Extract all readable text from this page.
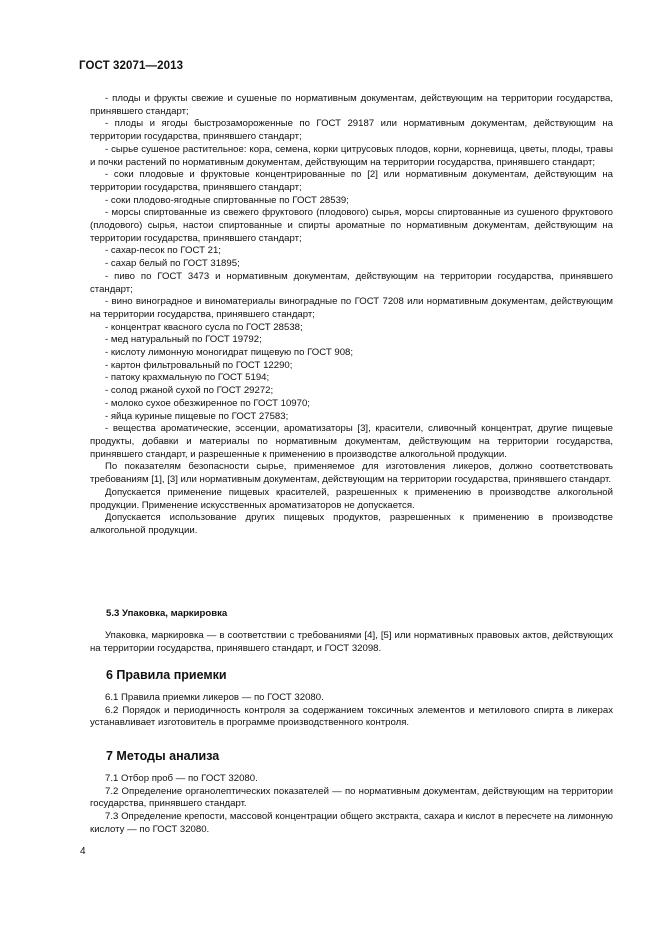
ГОСТ 32071—2013

- плоды и фрукты свежие и сушеные по нормативным документам, действующим на территории государства, принявшего стандарт;

- плоды и ягоды быстрозамороженные по ГОСТ 29187 или нормативным документам, действующим на территории государства, принявшего стандарт;

- сырье сушеное растительное: кора, семена, корки цитрусовых плодов, корни, корневища, цветы, плоды, травы и почки растений по нормативным документам, действующим на территории государства, принявшего стандарт;

- соки плодовые и фруктовые концентрированные по [2] или нормативным документам, действующим на территории государства, принявшего стандарт;

- соки плодово-ягодные спиртованные по ГОСТ 28539;

- морсы спиртованные из свежего фруктового (плодового) сырья, морсы спиртованные из сушеного фруктового (плодового) сырья, настои спиртованные и спирты ароматные по нормативным документам, действующим на территории государства, принявшего стандарт;

- сахар-песок по ГОСТ 21;

- сахар белый по ГОСТ 31895;

- пиво по ГОСТ 3473 и нормативным документам, действующим на территории государства, принявшего стандарт;

- вино виноградное и виноматериалы виноградные по ГОСТ 7208 или нормативным документам, действующим на территории государства, принявшего стандарт;

- концентрат квасного сусла по ГОСТ 28538;

- мед натуральный по ГОСТ 19792;

- кислоту лимонную моногидрат пищевую по ГОСТ 908;

- картон фильтровальный по ГОСТ 12290;

- патоку крахмальную по ГОСТ 5194;

- солод ржаной сухой по ГОСТ 29272;

- молоко сухое обезжиренное по ГОСТ 10970;

- яйца куриные пищевые по ГОСТ 27583;

- вещества ароматические, эссенции, ароматизаторы [3], красители, сливочный концентрат, другие пищевые продукты, добавки и материалы по нормативным документам, действующим на территории государства, принявшего стандарт, и разрешенные к применению в производстве алкогольной продукции.

По показателям безопасности сырье, применяемое для изготовления ликеров, должно соответствовать требованиям [1], [3] или нормативным документам, действующим на территории государства, принявшего стандарт.

Допускается применение пищевых красителей, разрешенных к применению в производстве алкогольной продукции. Применение искусственных ароматизаторов не допускается.

Допускается использование других пищевых продуктов, разрешенных к применению в производстве алкогольной продукции.

5.3 Упаковка, маркировка

Упаковка, маркировка — в соответствии с требованиями [4], [5] или нормативных правовых актов, действующих на территории государства, принявшего стандарт, и ГОСТ 32098.

6 Правила приемки

6.1 Правила приемки ликеров — по ГОСТ 32080.

6.2 Порядок и периодичность контроля за содержанием токсичных элементов и метилового спирта в ликерах устанавливает изготовитель в программе производственного контроля.

7 Методы анализа

7.1 Отбор проб — по ГОСТ 32080.

7.2 Определение органолептических показателей — по нормативным документам, действующим на территории государства, принявшего стандарт.

7.3 Определение крепости, массовой концентрации общего экстракта, сахара и кислот в пересчете на лимонную кислоту — по ГОСТ 32080.

4
